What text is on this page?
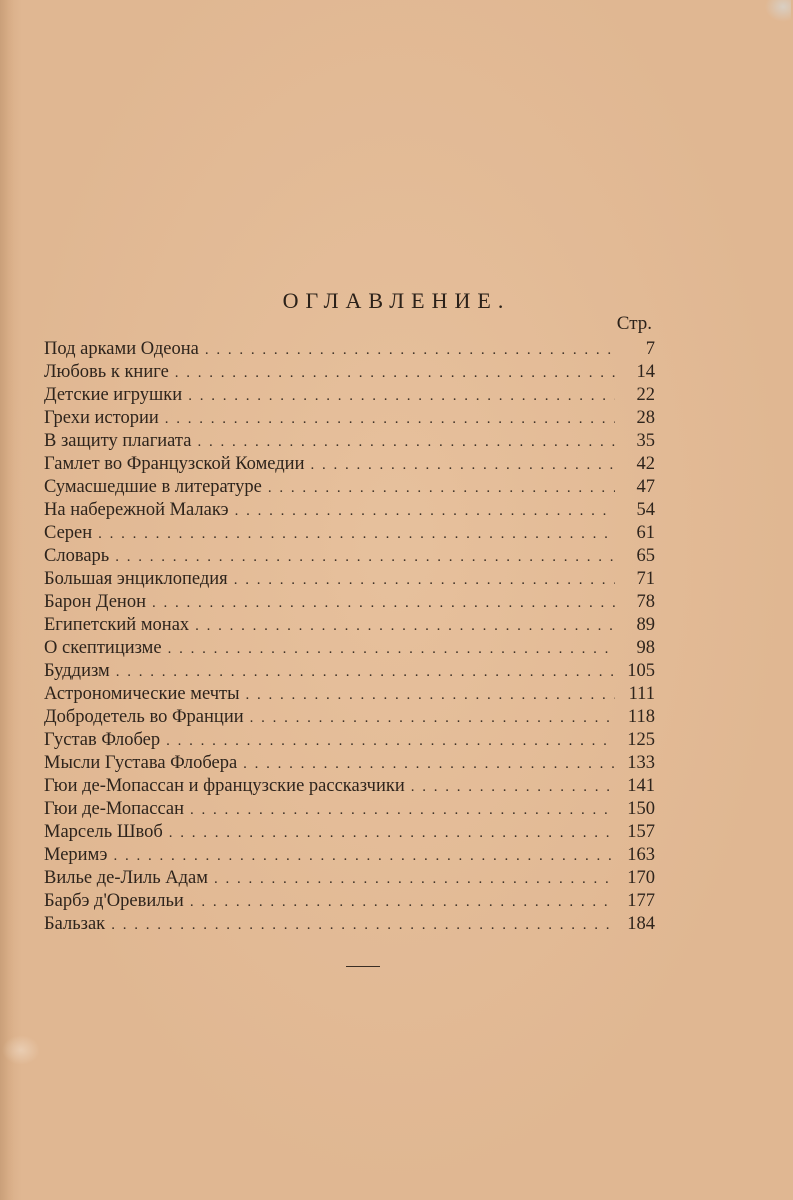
ОГЛАВЛЕНИЕ.
Стр.
Под арками Одеона . . .	7
Любовь к книге . . .	14
Детские игрушки . . .	22
Грехи истории . . .	28
В защиту плагиата . . .	35
Гамлет во Французской Комедии . . .	42
Сумасшедшие в литературе . . .	47
На набережной Малакэ . . .	54
Серен . . .	61
Словарь . . .	65
Большая энциклопедия . . .	71
Барон Денон . . .	78
Египетский монах . . .	89
О скептицизме . . .	98
Буддизм . . .	105
Астрономические мечты . . .	111
Добродетель во Франции . . .	118
Густав Флобер . . .	125
Мысли Густава Флобера . . .	133
Гюи де-Мопассан и французские рассказчики . . .	141
Гюи де-Мопассан . . .	150
Марсель Швоб . . .	157
Меримэ . . .	163
Вилье де-Лиль Адам . . .	170
Барбэ д'Оревильи . . .	177
Бальзак . . .	184
